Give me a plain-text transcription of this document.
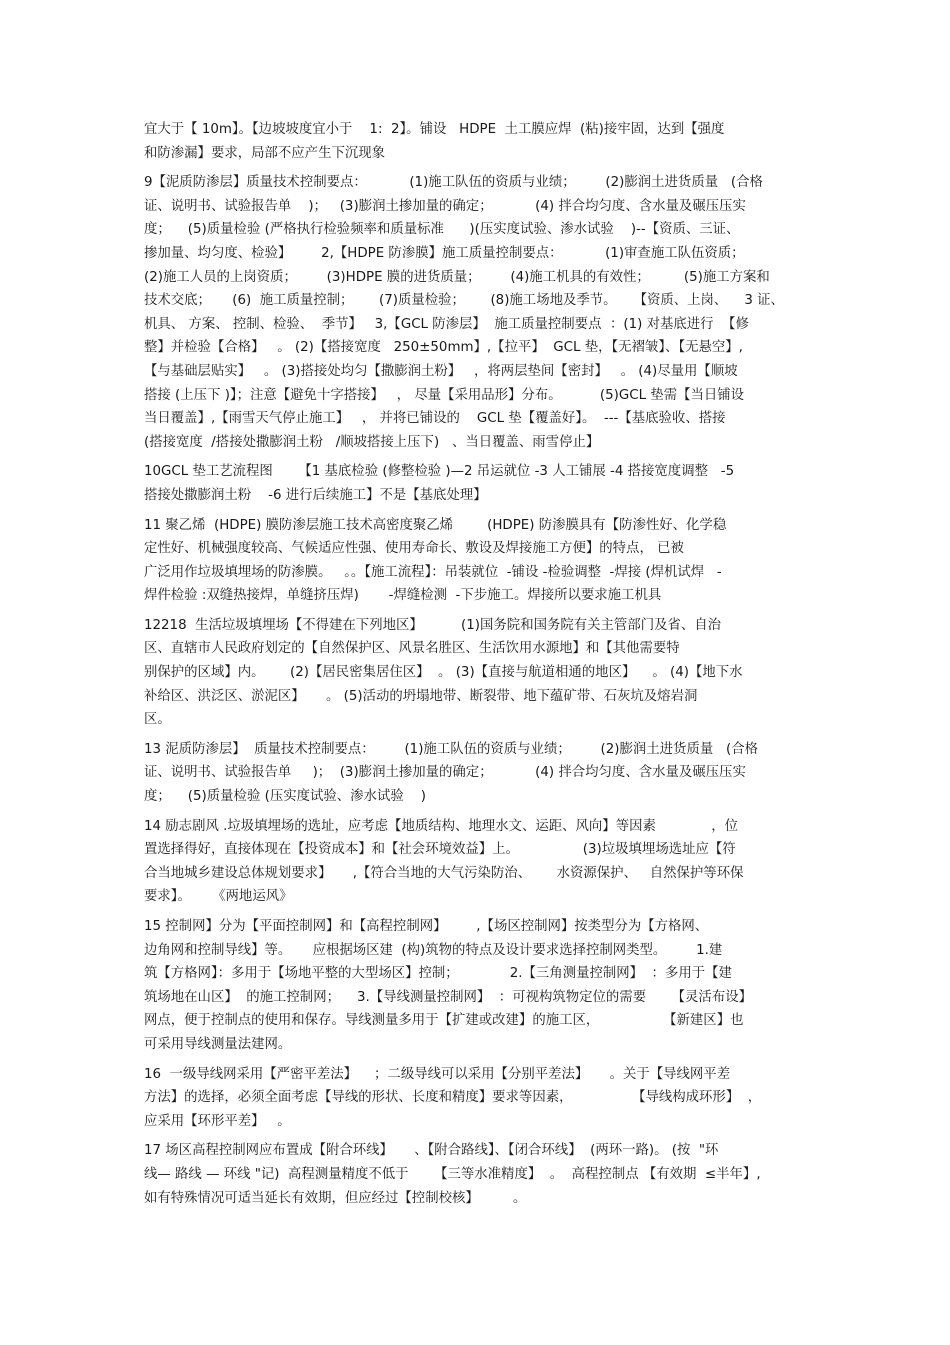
宜大于【 10m】。【边坡坡度宜小于    1:  2】。铺设   HDPE  土工膜应焊  (粘)接牢固，达到【强度
和防渗漏】要求，局部不应产生下沉现象
9【泥质防渗层】质量技术控制要点：          (1)施工队伍的资质与业绩；       (2)膨润土进货质量   (合格
证、说明书、试验报告单    )；   (3)膨润土掺加量的确定；          (4) 拌合均匀度、含水量及碾压压实
度；    (5)质量检验 (严格执行检验频率和质量标准      )(压实度试验、渗水试验    )--【资质、三证、
掺加量、均匀度、检验】       2,【HDPE 防渗膜】施工质量控制要点：          (1)审查施工队伍资质；
(2)施工人员的上岗资质；       (3)HDPE 膜的进货质量；       (4)施工机具的有效性；        (5)施工方案和
技术交底；     (6)  施工质量控制；      (7)质量检验；      (8)施工场地及季节。    【资质、上岗、    3 证、
机具、 方案、 控制、检验、  季节】   3,【GCL 防渗层】  施工质量控制要点  ：(1) 对基底进行  【修
整】并检验【合格】   。 (2)【搭接宽度   250±50mm】,【拉平】  GCL 垫，【无褶皱】、【无悬空】,
【与基础层贴实】   。 (3)搭接处均匀【撒膨润土粉】   ，将两层垫间【密封】   。 (4)尽量用【顺坡
搭接 (上压下 )】；注意【避免十字搭接】   ， 尽量【采用品形】分布。         (5)GCL 垫需【当日铺设
当日覆盖】,【雨雪天气停止施工】   ， 并将已铺设的    GCL 垫【覆盖好】。  ---【基底验收、搭接
(搭接宽度  /搭接处撒膨润土粉   /顺坡搭接上压下)   、当日覆盖、雨雪停止】
10GCL 垫工艺流程图      【1 基底检验 (修整检验 )—2 吊运就位 -3 人工铺展 -4 搭接宽度调整   -5
搭接处撒膨润土粉    -6 进行后续施工】不是【基底处理】
11 聚乙烯  (HDPE) 膜防渗层施工技术高密度聚乙烯        (HDPE) 防渗膜具有【防渗性好、化学稳
定性好、机械强度较高、气候适应性强、使用寿命长、敷设及焊接施工方便】的特点， 已被
广泛用作垃圾填埋场的防渗膜。   。。【施工流程】：吊装就位  -铺设 -检验调整  -焊接 (焊机试焊   -
焊件检验 :双缝热接焊，单缝挤压焊)       -焊缝检测  -下步施工。焊接所以要求施工机具
12218  生活垃圾填埋场【不得建在下列地区】         (1)国务院和国务院有关主管部门及省、自治
区、直辖市人民政府划定的【自然保护区、风景名胜区、生活饮用水源地】和【其他需要特
别保护的区域】内。      (2)【居民密集居住区】  。 (3)【直接与航道相通的地区】    。 (4)【地下水
补给区、洪泛区、淤泥区】     。 (5)活动的坍塌地带、断裂带、地下蕴矿带、石灰坑及熔岩洞
区。
13 泥质防渗层】  质量技术控制要点：       (1)施工队伍的资质与业绩；       (2)膨润土进货质量   (合格
证、说明书、试验报告单     )；  (3)膨润土掺加量的确定；          (4) 拌合均匀度、含水量及碾压压实
度；    (5)质量检验 (压实度试验、渗水试验    )
14 励志剧风 .垃圾填埋场的选址，应考虑【地质结构、地理水文、运距、风向】等因素             ，位
置选择得好，直接体现在【投资成本】和【社会环境效益】上。               (3)垃圾填埋场选址应【符
合当地城乡建设总体规划要求】     ,【符合当地的大气污染防治、      水资源保护、   自然保护等环保
要求】。     《两地运风》
15 控制网】分为【平面控制网】和【高程控制网】       ,【场区控制网】按类型分为【方格网、
边角网和控制导线】等。     应根据场区建  (构)筑物的特点及设计要求选择控制网类型。       1.建
筑【方格网】：多用于【场地平整的大型场区】控制；            2.【三角测量控制网】  ：多用于【建
筑场地在山区】  的施工控制网；    3.【导线测量控制网】  ：可视构筑物定位的需要      【灵活布设】
网点，便于控制点的使用和保存。导线测量多用于【扩建或改建】的施工区，               【新建区】也
可采用导线测量法建网。
16  一级导线网采用【严密平差法】    ；二级导线可以采用【分别平差法】     。关于【导线网平差
方法】的选择，必须全面考虑【导线的形状、长度和精度】要求等因素，              【导线构成环形】  ，
应采用【环形平差】   。
17 场区高程控制网应布置成【附合环线】     、【附合路线】、【闭合环线】  (两环一路)。 (按  "环
线— 路线 — 环线 "记)  高程测量精度不低于      【三等水准精度】  。  高程控制点 【有效期  ≤半年】,
如有特殊情况可适当延长有效期，但应经过【控制校核】        。
